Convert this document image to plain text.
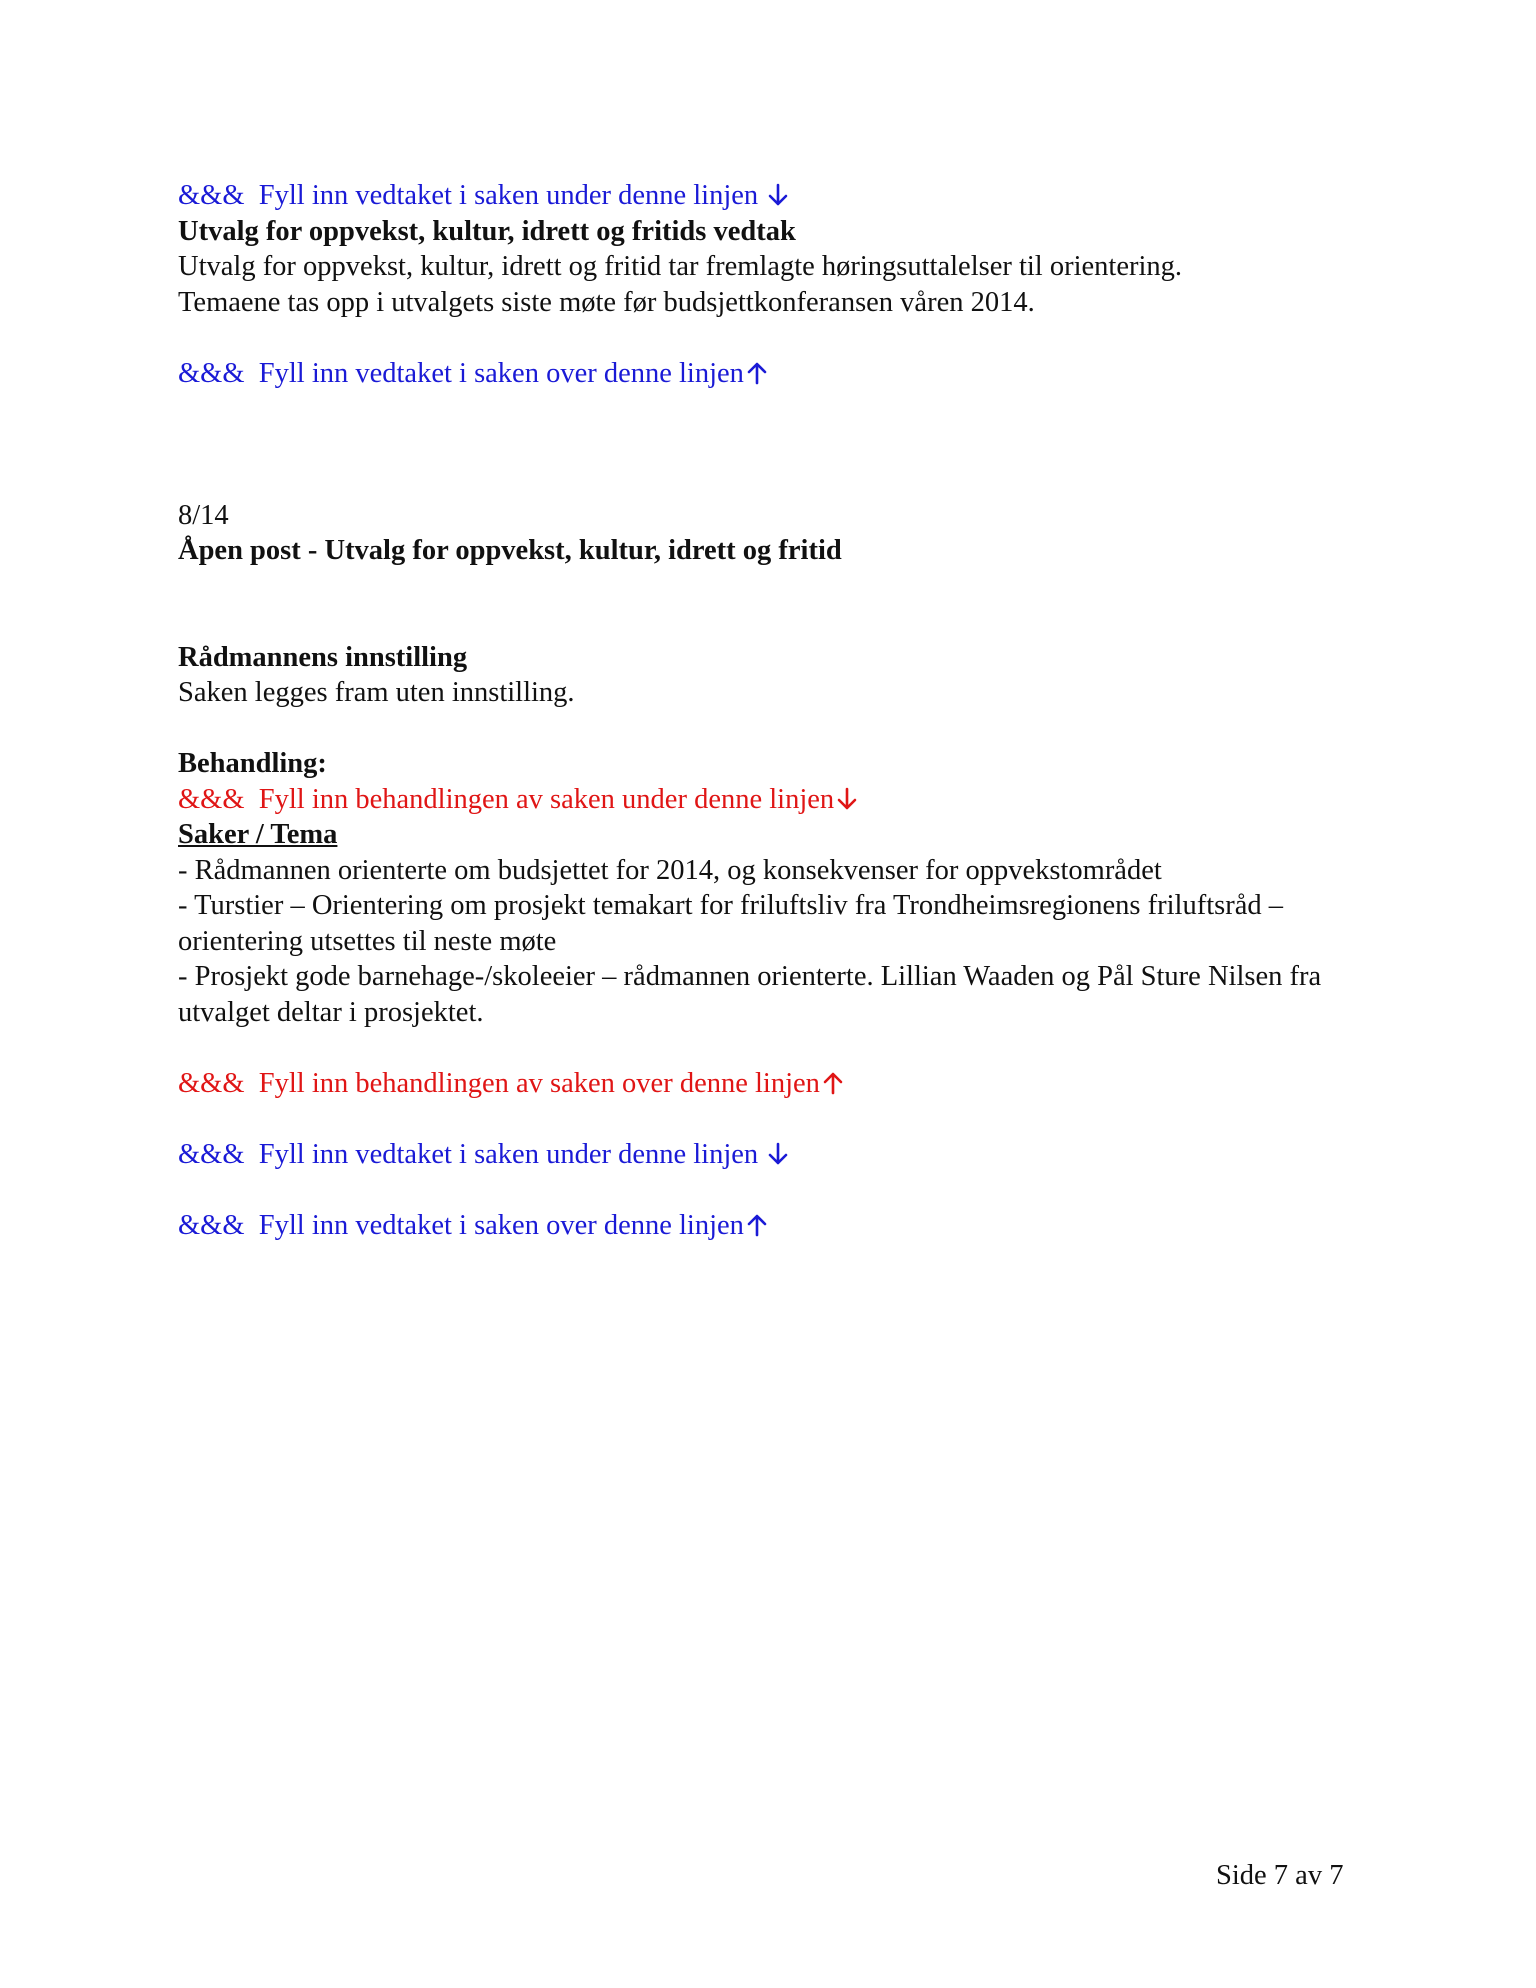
&&&  Fyll inn vedtaket i saken under denne linjen
Utvalg for oppvekst, kultur, idrett og fritids vedtak
Utvalg for oppvekst, kultur, idrett og fritid tar fremlagte høringsuttalelser til orientering.
Temaene tas opp i utvalgets siste møte før budsjettkonferansen våren 2014.
&&&  Fyll inn vedtaket i saken over denne linjen
8/14
Åpen post - Utvalg for oppvekst, kultur, idrett og fritid
Rådmannens innstilling
Saken legges fram uten innstilling.
Behandling:
&&&  Fyll inn behandlingen av saken under denne linjen
Saker / Tema
- Rådmannen orienterte om budsjettet for 2014, og konsekvenser for oppvekstområdet
- Turstier – Orientering om prosjekt temakart for friluftsliv fra Trondheimsregionens friluftsråd – orientering utsettes til neste møte
- Prosjekt gode barnehage-/skoleeier – rådmannen orienterte. Lillian Waaden og Pål Sture Nilsen fra utvalget deltar i prosjektet.
&&&  Fyll inn behandlingen av saken over denne linjen
&&&  Fyll inn vedtaket i saken under denne linjen
&&&  Fyll inn vedtaket i saken over denne linjen
Side 7 av 7
